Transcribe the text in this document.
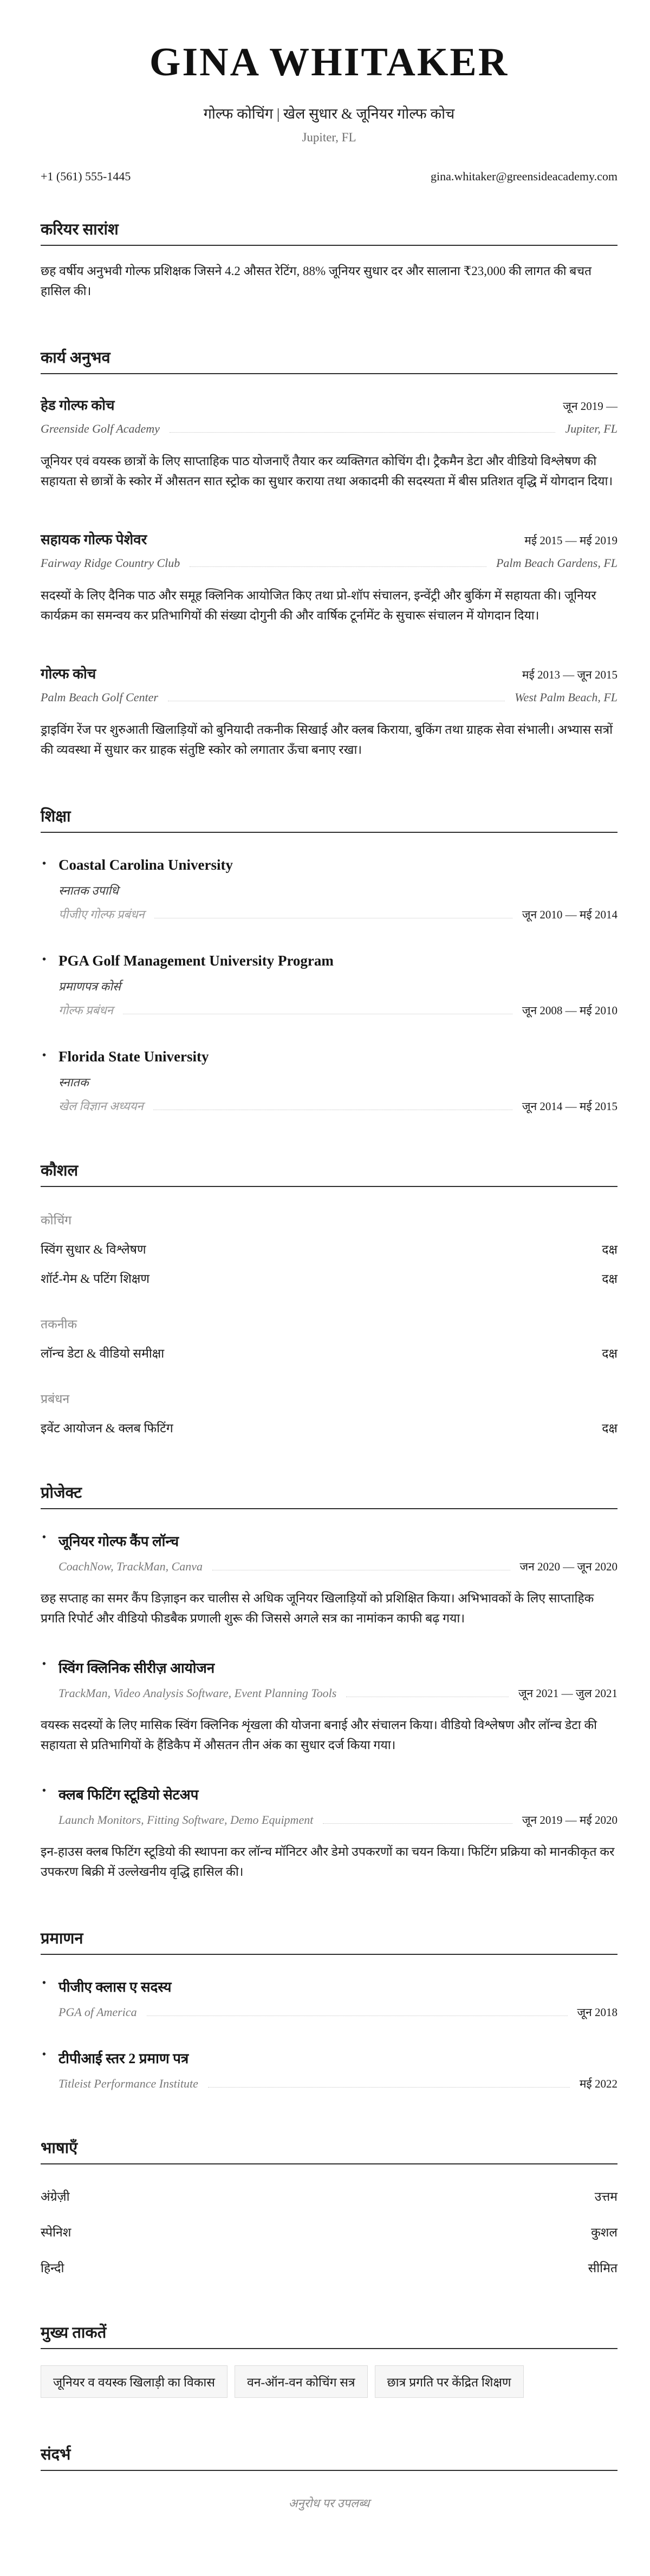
GINA WHITAKER
गोल्फ कोचिंग | खेल सुधार & जूनियर गोल्फ कोच
Jupiter, FL
+1 (561) 555-1445	gina.whitaker@greensideacademy.com
करियर सारांश

छह वर्षीय अनुभवी गोल्फ प्रशिक्षक जिसने 4.2 औसत रेटिंग, 88% जूनियर सुधार दर और सालाना ₹23,000 की लागत की बचत हासिल की।

कार्य अनुभव
हेड गोल्फ कोच	जून 2019 —
Greenside Golf Academy	Jupiter, FL

जूनियर एवं वयस्क छात्रों के लिए साप्ताहिक पाठ योजनाएँ तैयार कर व्यक्तिगत कोचिंग दी। ट्रैकमैन डेटा और वीडियो विश्लेषण की सहायता से छात्रों के स्कोर में औसतन सात स्ट्रोक का सुधार कराया तथा अकादमी की सदस्यता में बीस प्रतिशत वृद्धि में योगदान दिया।

सहायक गोल्फ पेशेवर	मई 2015 — मई 2019
Fairway Ridge Country Club	Palm Beach Gardens, FL

सदस्यों के लिए दैनिक पाठ और समूह क्लिनिक आयोजित किए तथा प्रो-शॉप संचालन, इन्वेंट्री और बुकिंग में सहायता की। जूनियर कार्यक्रम का समन्वय कर प्रतिभागियों की संख्या दोगुनी की और वार्षिक टूर्नामेंट के सुचारू संचालन में योगदान दिया।

गोल्फ कोच	मई 2013 — जून 2015
Palm Beach Golf Center	West Palm Beach, FL

ड्राइविंग रेंज पर शुरुआती खिलाड़ियों को बुनियादी तकनीक सिखाई और क्लब किराया, बुकिंग तथा ग्राहक सेवा संभाली। अभ्यास सत्रों की व्यवस्था में सुधार कर ग्राहक संतुष्टि स्कोर को लगातार ऊँचा बनाए रखा।

शिक्षा
• Coastal Carolina University
स्नातक उपाधि
पीजीए गोल्फ प्रबंधन	जून 2010 — मई 2014
• PGA Golf Management University Program
प्रमाणपत्र कोर्स
गोल्फ प्रबंधन	जून 2008 — मई 2010
• Florida State University
स्नातक
खेल विज्ञान अध्ययन	जून 2014 — मई 2015
कौशल
कोचिंग
स्विंग सुधार & विश्लेषण	दक्ष
शॉर्ट-गेम & पटिंग शिक्षण	दक्ष
तकनीक
लॉन्च डेटा & वीडियो समीक्षा	दक्ष
प्रबंधन
इवेंट आयोजन & क्लब फिटिंग	दक्ष
प्रोजेक्ट
• जूनियर गोल्फ कैंप लॉन्च
CoachNow, TrackMan, Canva	जन 2020 — जून 2020

छह सप्ताह का समर कैंप डिज़ाइन कर चालीस से अधिक जूनियर खिलाड़ियों को प्रशिक्षित किया। अभिभावकों के लिए साप्ताहिक प्रगति रिपोर्ट और वीडियो फीडबैक प्रणाली शुरू की जिससे अगले सत्र का नामांकन काफी बढ़ गया।

• स्विंग क्लिनिक सीरीज़ आयोजन
TrackMan, Video Analysis Software, Event Planning Tools	जून 2021 — जुल 2021

वयस्क सदस्यों के लिए मासिक स्विंग क्लिनिक शृंखला की योजना बनाई और संचालन किया। वीडियो विश्लेषण और लॉन्च डेटा की सहायता से प्रतिभागियों के हैंडिकैप में औसतन तीन अंक का सुधार दर्ज किया गया।

• क्लब फिटिंग स्टूडियो सेटअप
Launch Monitors, Fitting Software, Demo Equipment	जून 2019 — मई 2020

इन-हाउस क्लब फिटिंग स्टूडियो की स्थापना कर लॉन्च मॉनिटर और डेमो उपकरणों का चयन किया। फिटिंग प्रक्रिया को मानकीकृत कर उपकरण बिक्री में उल्लेखनीय वृद्धि हासिल की।

प्रमाणन
• पीजीए क्लास ए सदस्य
PGA of America	जून 2018
• टीपीआई स्तर 2 प्रमाण पत्र
Titleist Performance Institute	मई 2022
भाषाएँ
अंग्रेज़ी	उत्तम
स्पेनिश	कुशल
हिन्दी	सीमित
मुख्य ताकतें
जूनियर व वयस्क खिलाड़ी का विकास	वन-ऑन-वन कोचिंग सत्र	छात्र प्रगति पर केंद्रित शिक्षण
संदर्भ
अनुरोध पर उपलब्ध
